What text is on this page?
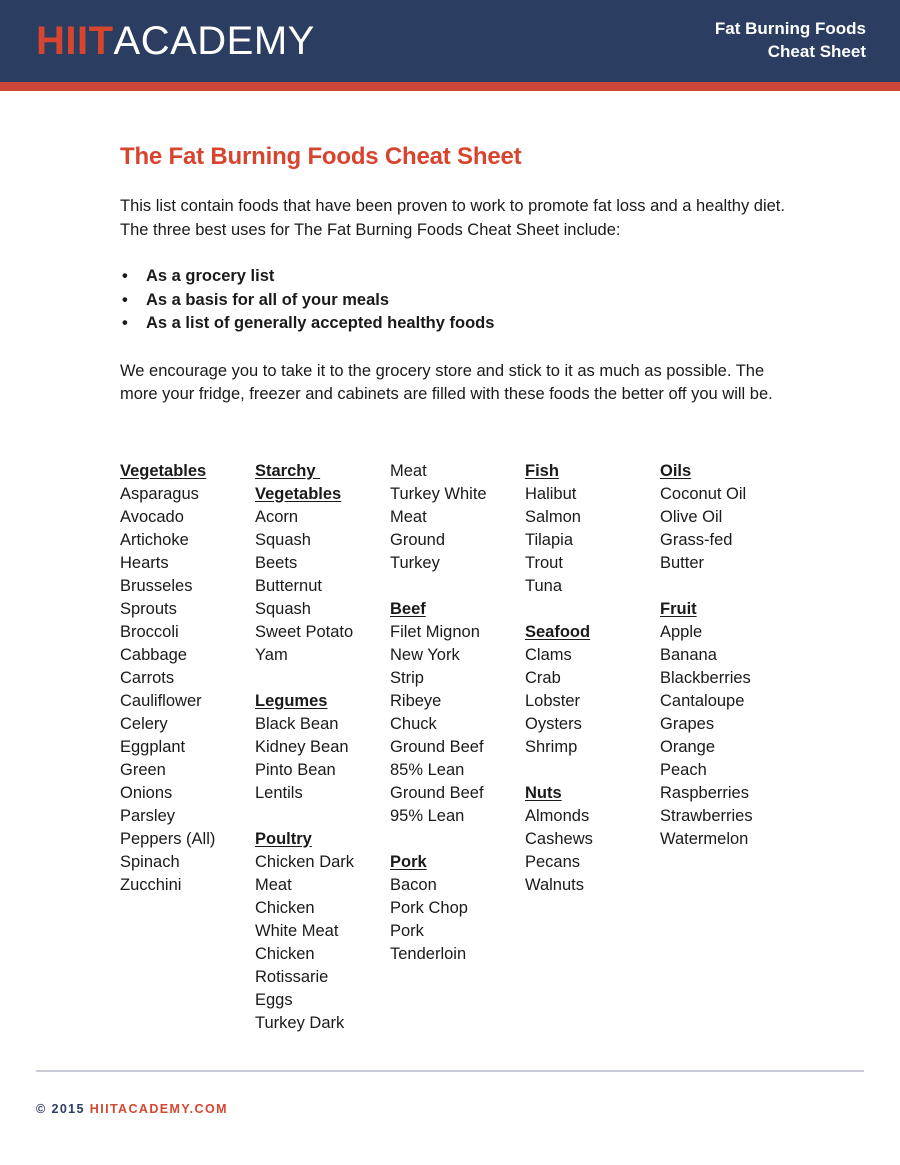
HIITACADEMY	Fat Burning Foods
Cheat Sheet
The Fat Burning Foods Cheat Sheet

This list contain foods that have been proven to work to promote fat loss and a healthy diet. The three best uses for The Fat Burning Foods Cheat Sheet include:

• As a grocery list
• As a basis for all of your meals
• As a list of generally accepted healthy foods

We encourage you to take it to the grocery store and stick to it as much as possible. The more your fridge, freezer and cabinets are filled with these foods the better off you will be.

Vegetables
Asparagus
Avocado
Artichoke
Hearts
Brusseles
Sprouts
Broccoli
Cabbage
Carrots
Cauliflower
Celery
Eggplant
Green
Onions
Parsley
Peppers (All)
Spinach
Zucchini
Starchy
Vegetables
Acorn
Squash
Beets
Butternut
Squash
Sweet Potato
Yam
Legumes
Black Bean
Kidney Bean
Pinto Bean
Lentils
Poultry
Chicken Dark
Meat
Chicken
White Meat
Chicken
Rotissarie
Eggs
Turkey Dark
Meat
Turkey White
Meat
Ground
Turkey
Beef
Filet Mignon
New York
Strip
Ribeye
Chuck
Ground Beef
85% Lean
Ground Beef
95% Lean
Pork
Bacon
Pork Chop
Pork
Tenderloin
Fish
Halibut
Salmon
Tilapia
Trout
Tuna
Seafood
Clams
Crab
Lobster
Oysters
Shrimp
Nuts
Almonds
Cashews
Pecans
Walnuts
Oils
Coconut Oil
Olive Oil
Grass-fed
Butter
Fruit
Apple
Banana
Blackberries
Cantaloupe
Grapes
Orange
Peach
Raspberries
Strawberries
Watermelon
© 2015 HIITACADEMY.COM
